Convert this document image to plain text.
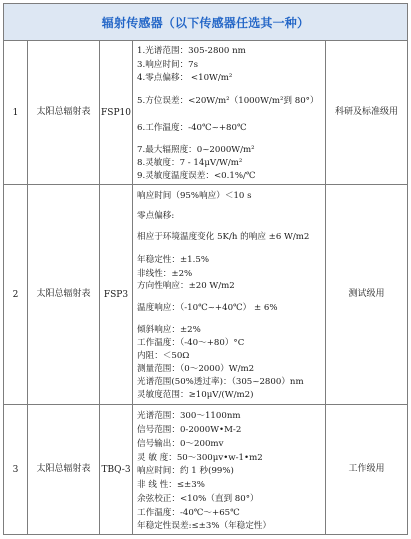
辐射传感器（以下传感器任选其一种）
1	太阳总辐射表	FSP10
1.光谱范围：305-2800 nm
3.响应时间：7s
4.零点偏移： <10W/m²
5.方位误差：<20W/m²（1000W/m²到 80°）
6.工作温度：-40℃~+80℃
7.最大辐照度：0~2000W/m²
8.灵敏度：7 - 14μV/W/m²
9.灵敏度温度误差：<0.1%/℃
科研及标准级用
2	太阳总辐射表	FSP3
响应时间（95%响应）＜10 s
零点偏移:
相应于环境温度变化 5K/h 的响应 ±6 W/m2
年稳定性：±1.5%
非线性：±2%
方向性响应：±20 W/m2
温度响应：（-10℃~+40℃） ± 6%
倾斜响应：±2%
工作温度：（-40～+80）°C
内阻：＜50Ω
测量范围：（0～2000）W/m2
光谱范围(50%透过率)：（305~2800）nm
灵敏度范围：≥10μV/(W/m2)
测试级用
3	太阳总辐射表	TBQ-3
光谱范围：300～1100nm
信号范围：0-2000W•M-2
信号输出：0～200mv
灵 敏 度：50～300μv•w-1•m2
响应时间：约 1 秒(99%)
非 线 性：≤±3%
余弦校正：<10%（直到 80°）
工作温度：-40℃～+65℃
年稳定性误差:≤±3%（年稳定性）
工作级用
